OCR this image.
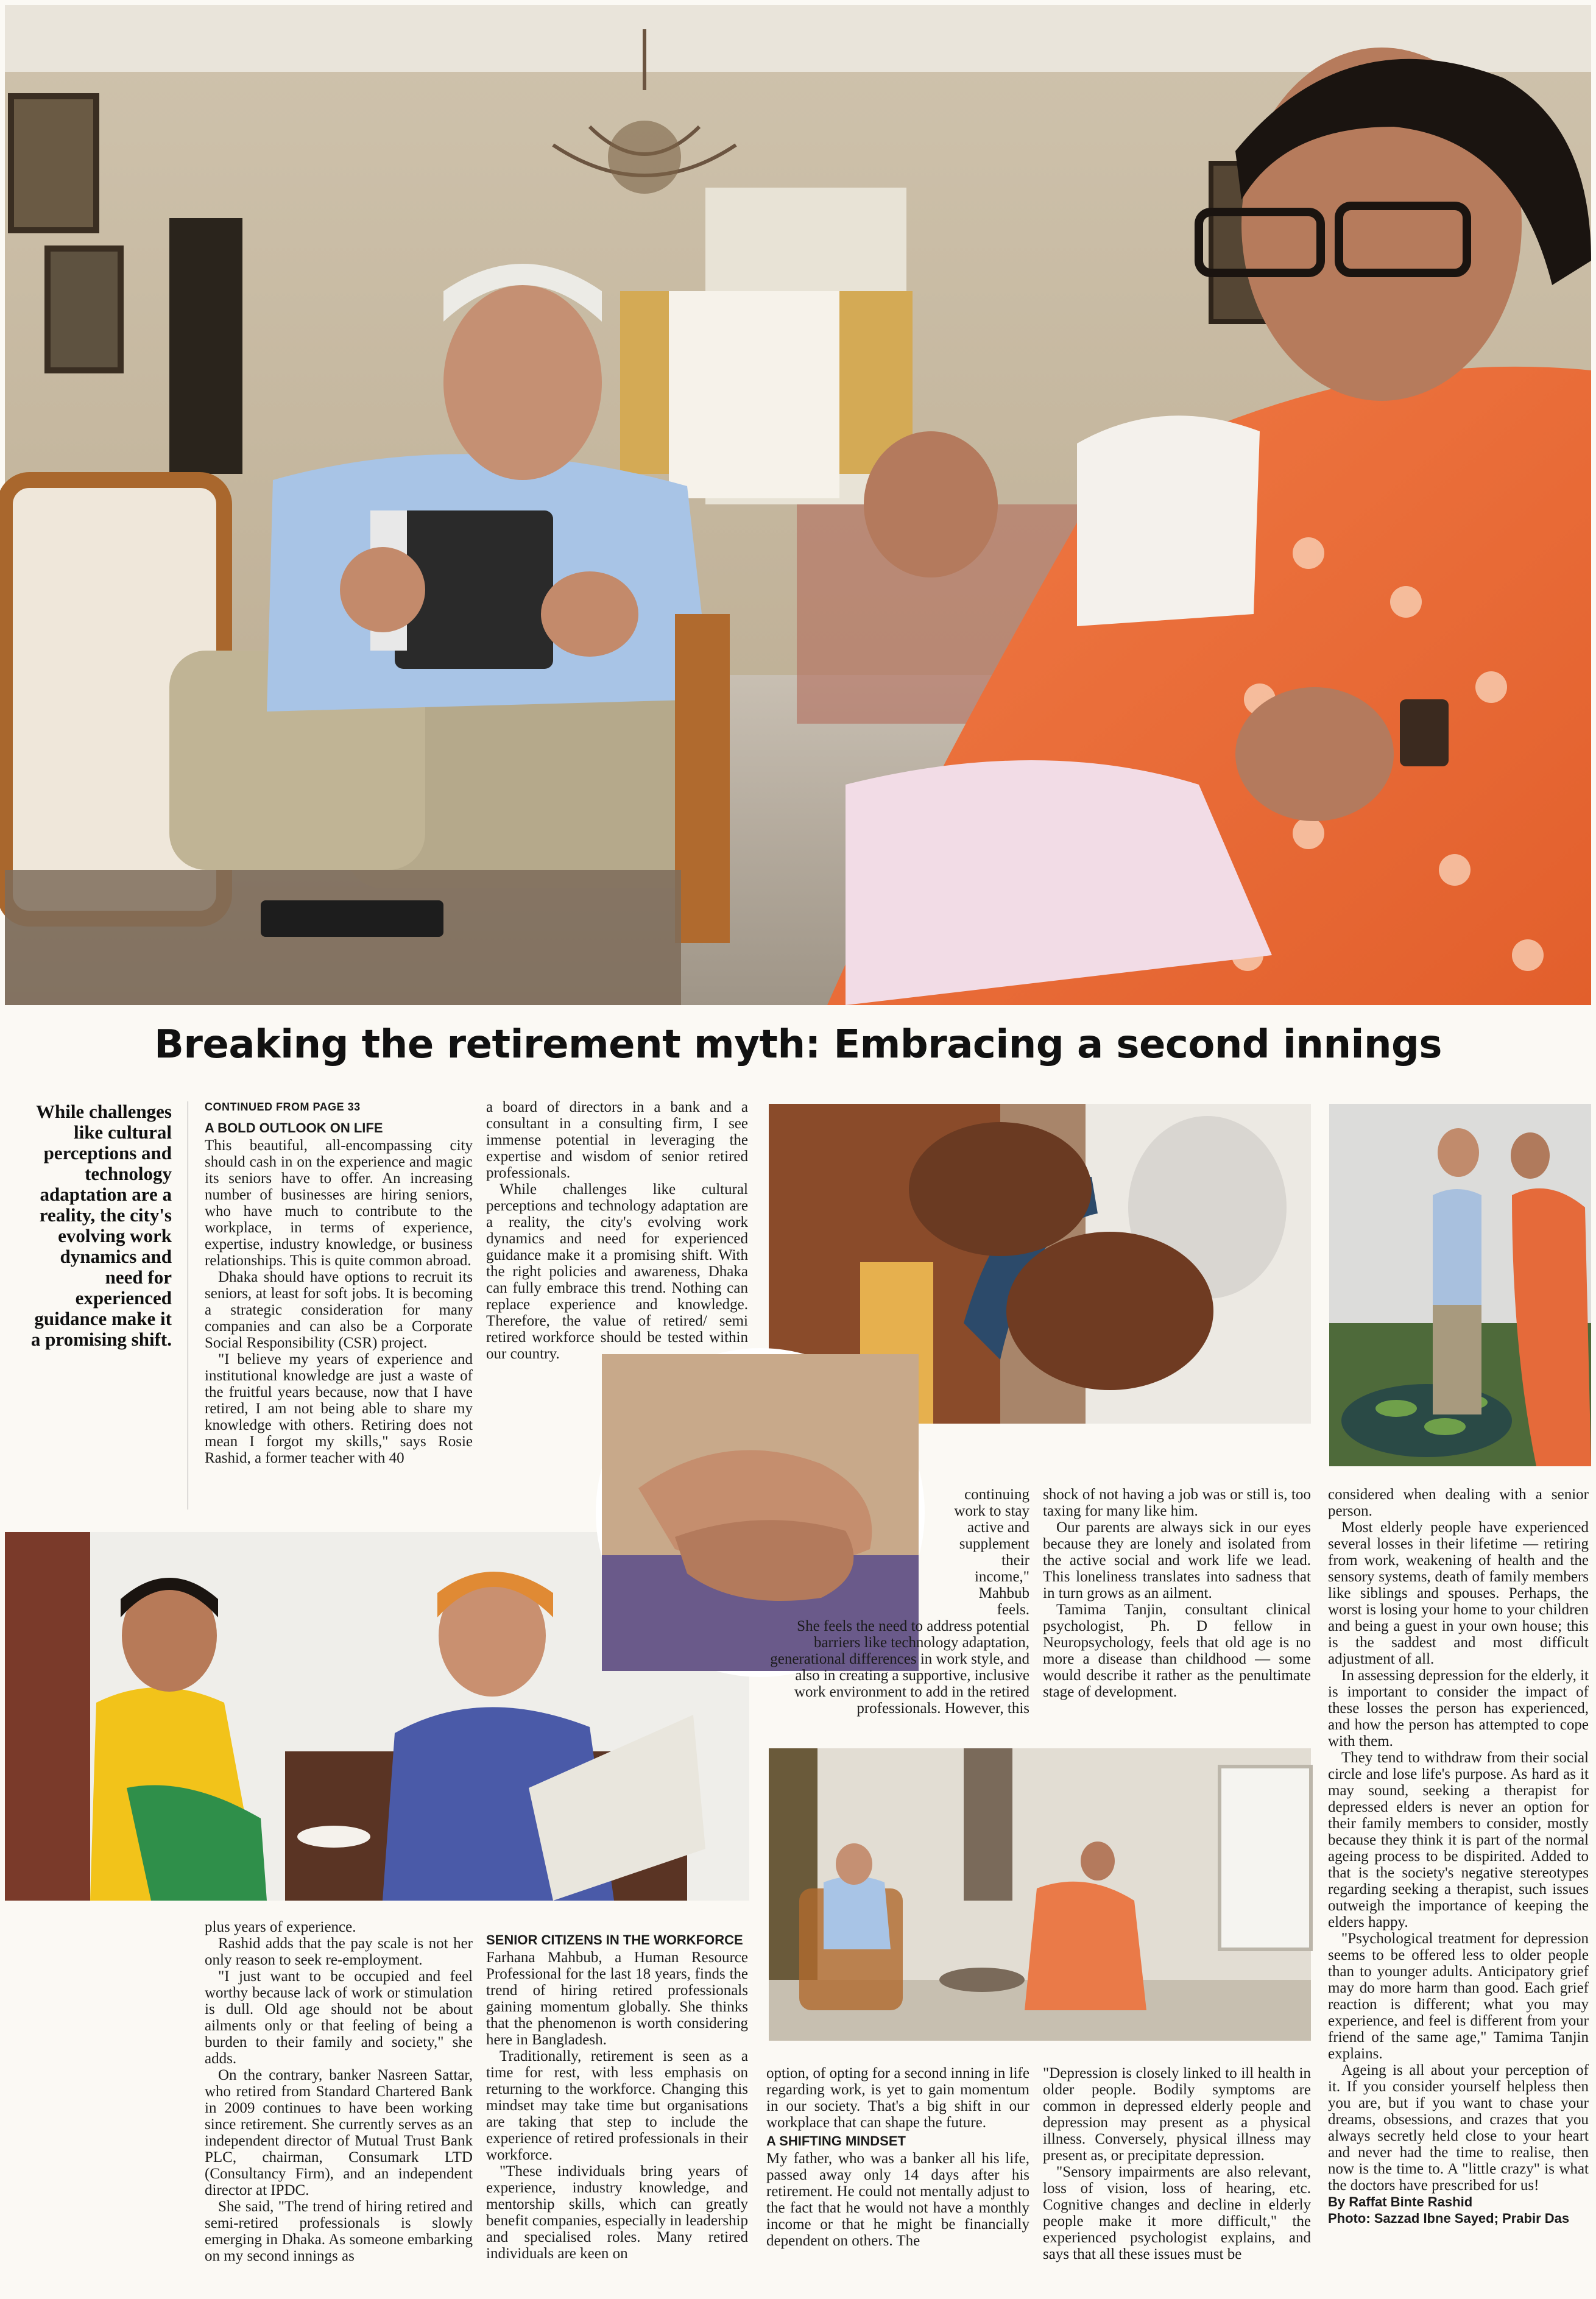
Breaking the retirement myth: Embracing a second innings
While challenges like cultural perceptions and technology adaptation are a reality, the city's evolving work dynamics and need for experienced guidance make it a promising shift.
CONTINUED FROM PAGE 33
A BOLD OUTLOOK ON LIFE

This beautiful, all-encompassing city should cash in on the experience and magic its seniors have to offer. An increasing number of businesses are hiring seniors, who have much to contribute to the workplace, in terms of experience, expertise, industry knowledge, or business relationships. This is quite common abroad.

Dhaka should have options to recruit its seniors, at least for soft jobs. It is becoming a strategic consideration for many companies and can also be a Corporate Social Responsibility (CSR) project.

"I believe my years of experience and institutional knowledge are just a waste of the fruitful years because, now that I have retired, I am not being able to share my knowledge with others. Retiring does not mean I forgot my skills," says Rosie Rashid, a former teacher with 40

a board of directors in a bank and a consultant in a consulting firm, I see immense potential in leveraging the expertise and wisdom of senior retired professionals.

While challenges like cultural perceptions and technology adaptation are a reality, the city's evolving work dynamics and need for experienced guidance make it a promising shift. With the right policies and awareness, Dhaka can fully embrace this trend. Nothing can replace experience and knowledge. Therefore, the value of retired/ semi retired workforce should be tested within our country.

continuing work to stay active and supplement their income," Mahbub feels.

She feels the need to address potential barriers like technology adaptation, generational differences in work style, and also in creating a supportive, inclusive work environment to add in the retired professionals. However, this

shock of not having a job was or still is, too taxing for many like him.

Our parents are always sick in our eyes because they are lonely and isolated from the active social and work life we lead. This loneliness translates into sadness that in turn grows as an ailment.

Tamima Tanjin, consultant clinical psychologist, Ph. D fellow in Neuropsychology, feels that old age is no more a disease than childhood — some would describe it rather as the penultimate stage of development.

considered when dealing with a senior person.

Most elderly people have experienced several losses in their lifetime — retiring from work, weakening of health and the sensory systems, death of family members like siblings and spouses. Perhaps, the worst is losing your home to your children and being a guest in your own house; this is the saddest and most difficult adjustment of all.

In assessing depression for the elderly, it is important to consider the impact of these losses the person has experienced, and how the person has attempted to cope with them.

They tend to withdraw from their social circle and lose life's purpose. As hard as it may sound, seeking a therapist for depressed elders is never an option for their family members to consider, mostly because they think it is part of the normal ageing process to be dispirited. Added to that is the society's negative stereotypes regarding seeking a therapist, such issues outweigh the importance of keeping the elders happy.

"Psychological treatment for depression seems to be offered less to older people than to younger adults. Anticipatory grief may do more harm than good. Each grief reaction is different; what you may experience, and feel is different from your friend of the same age," Tamima Tanjin explains.

Ageing is all about your perception of it. If you consider yourself helpless then you are, but if you want to chase your dreams, obsessions, and crazes that you always secretly held close to your heart and never had the time to realise, then now is the time to. A "little crazy" is what the doctors have prescribed for us!

By Raffat Binte Rashid
Photo: Sazzad Ibne Sayed; Prabir Das

plus years of experience.

Rashid adds that the pay scale is not her only reason to seek re-employment.

"I just want to be occupied and feel worthy because lack of work or stimulation is dull. Old age should not be about ailments only or that feeling of being a burden to their family and society," she adds.

On the contrary, banker Nasreen Sattar, who retired from Standard Chartered Bank in 2009 continues to have been working since retirement. She currently serves as an independent director of Mutual Trust Bank PLC, chairman, Consumark LTD (Consultancy Firm), and an independent director at IPDC.

She said, "The trend of hiring retired and semi-retired professionals is slowly emerging in Dhaka. As someone embarking on my second innings as

SENIOR CITIZENS IN THE WORKFORCE

Farhana Mahbub, a Human Resource Professional for the last 18 years, finds the trend of hiring retired professionals gaining momentum globally. She thinks that the phenomenon is worth considering here in Bangladesh.

Traditionally, retirement is seen as a time for rest, with less emphasis on returning to the workforce. Changing this mindset may take time but organisations are taking that step to include the experience of retired professionals in their workforce.

"These individuals bring years of experience, industry knowledge, and mentorship skills, which can greatly benefit companies, especially in leadership and specialised roles. Many retired individuals are keen on

option, of opting for a second inning in life regarding work, is yet to gain momentum in our society. That's a big shift in our workplace that can shape the future.

A SHIFTING MINDSET

My father, who was a banker all his life, passed away only 14 days after his retirement. He could not mentally adjust to the fact that he would not have a monthly income or that he might be financially dependent on others. The

"Depression is closely linked to ill health in older people. Bodily symptoms are common in depressed elderly people and depression may present as a physical illness. Conversely, physical illness may present as, or precipitate depression.

"Sensory impairments are also relevant, loss of vision, loss of hearing, etc. Cognitive changes and decline in elderly people make it more difficult," the experienced psychologist explains, and says that all these issues must be
